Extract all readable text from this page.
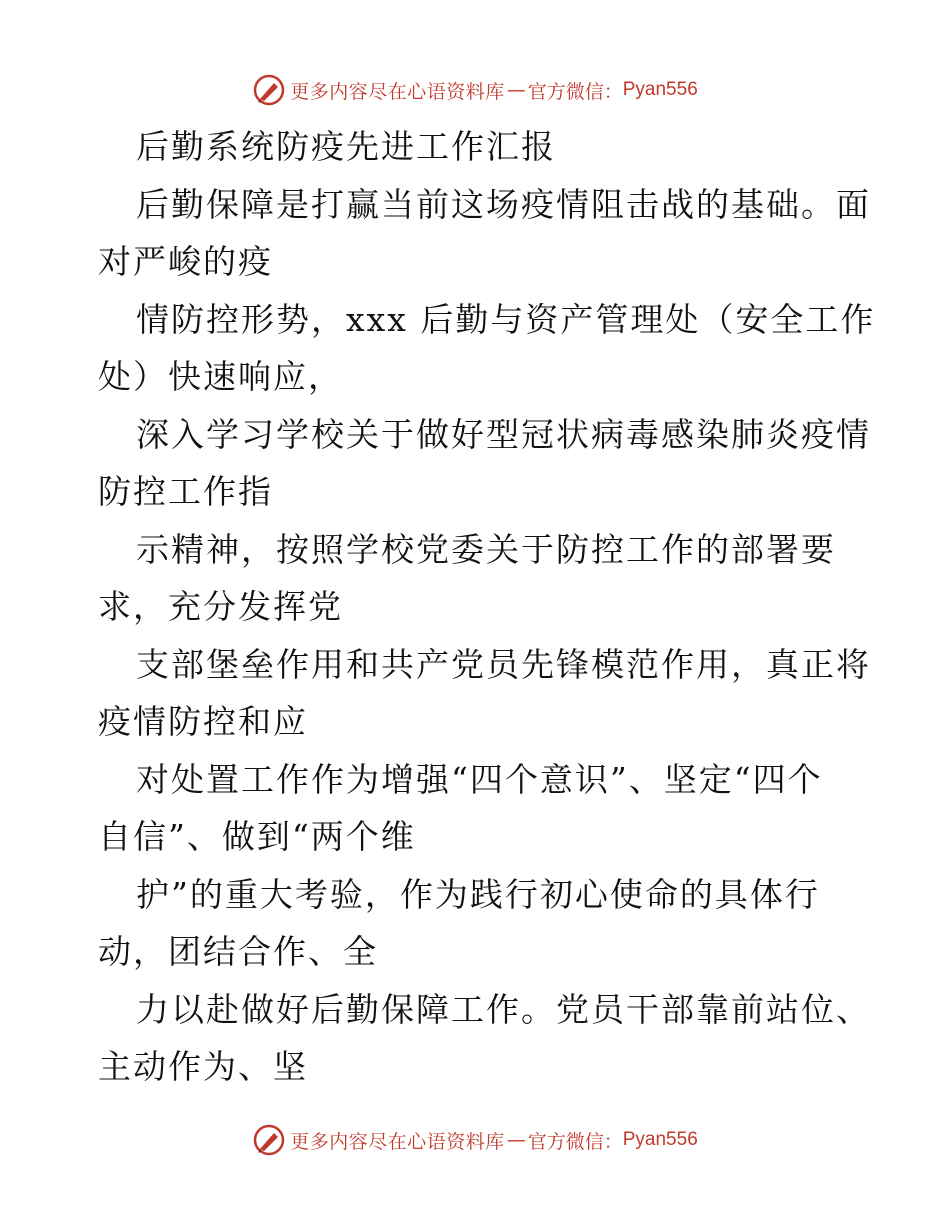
更多内容尽在心语资料库 — 官方微信： Pyan556
后勤系统防疫先进工作汇报
后勤保障是打赢当前这场疫情阻击战的基础。面
对严峻的疫
情防控形势，xxx 后勤与资产管理处（安全工作
处）快速响应，
深入学习学校关于做好型冠状病毒感染肺炎疫情
防控工作指
示精神，按照学校党委关于防控工作的部署要
求，充分发挥党
支部堡垒作用和共产党员先锋模范作用，真正将
疫情防控和应
对处置工作作为增强“四个意识”、坚定“四个
自信”、做到“两个维
护”的重大考验，作为践行初心使命的具体行
动，团结合作、全
力以赴做好后勤保障工作。党员干部靠前站位、
主动作为、坚
更多内容尽在心语资料库 — 官方微信： Pyan556
